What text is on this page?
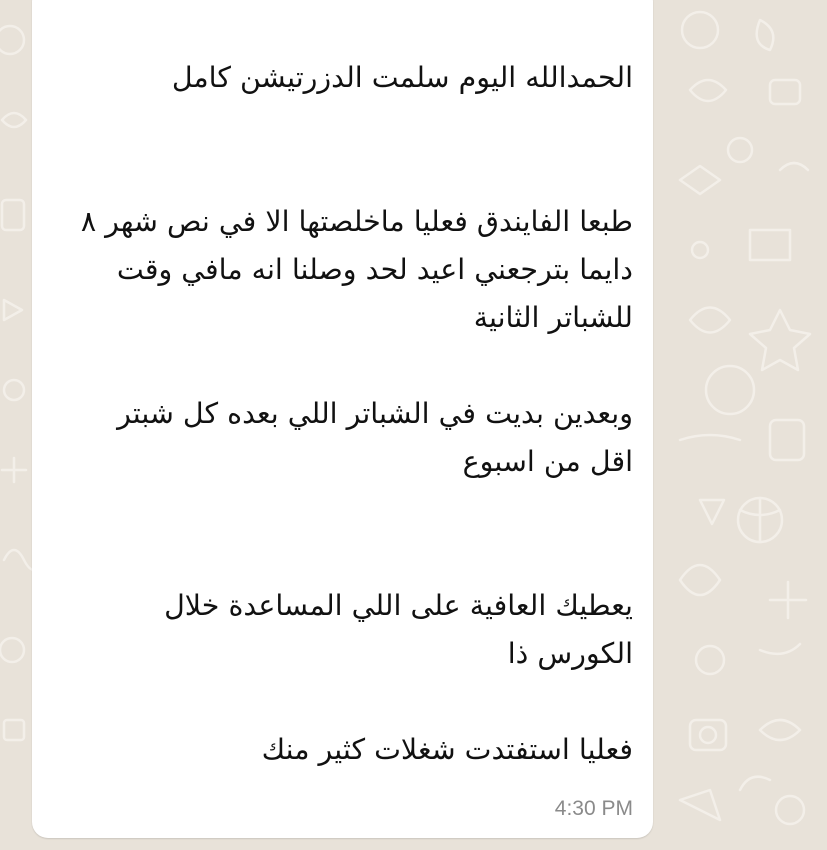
الحمدالله اليوم سلمت الدزرتيشن كامل

طبعا الفايندق فعليا ماخلصتها الا في نص شهر ٨ دايما بترجعني اعيد لحد وصلنا انه مافي وقت للشباتر الثانية

وبعدين بديت في الشباتر اللي بعده كل شبتر اقل من اسبوع

يعطيك العافية على اللي المساعدة خلال الكورس ذا

فعليا استفتدت شغلات كثير منك

4:30 PM
